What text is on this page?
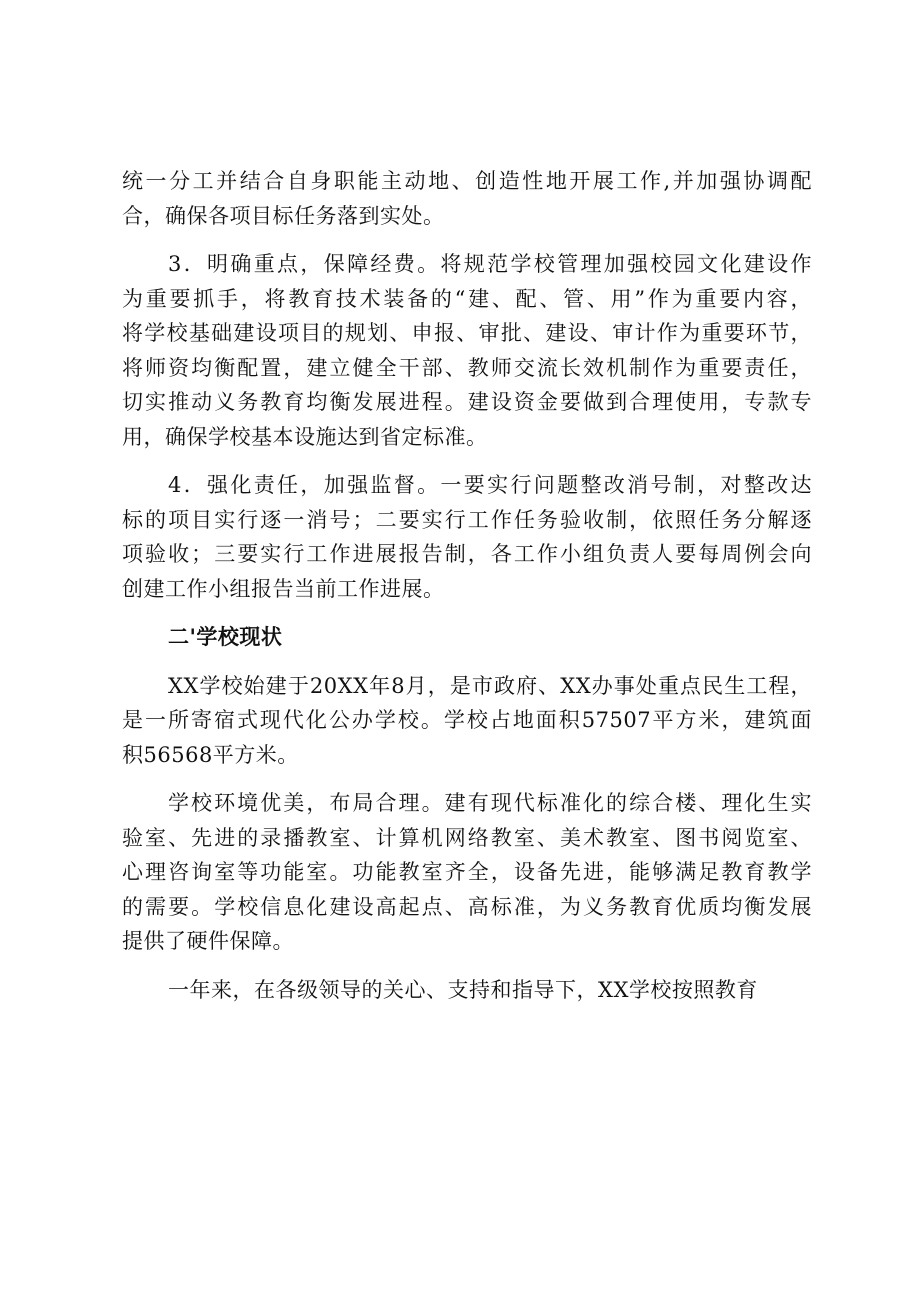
统一分工并结合自身职能主动地、创造性地开展工作,并加强协调配
合，确保各项目标任务落到实处。
3．明确重点，保障经费。将规范学校管理加强校园文化建设作
为重要抓手，将教育技术装备的“建、配、管、用”作为重要内容，
将学校基础建设项目的规划、申报、审批、建设、审计作为重要环节，
将师资均衡配置，建立健全干部、教师交流长效机制作为重要责任，
切实推动义务教育均衡发展进程。建设资金要做到合理使用，专款专
用，确保学校基本设施达到省定标准。
4．强化责任，加强监督。一要实行问题整改消号制，对整改达
标的项目实行逐一消号；二要实行工作任务验收制，依照任务分解逐
项验收；三要实行工作进展报告制，各工作小组负责人要每周例会向
创建工作小组报告当前工作进展。
二'学校现状
XX学校始建于20XX年8月，是市政府、XX办事处重点民生工程，
是一所寄宿式现代化公办学校。学校占地面积57507平方米，建筑面
积56568平方米。
学校环境优美，布局合理。建有现代标准化的综合楼、理化生实
验室、先进的录播教室、计算机网络教室、美术教室、图书阅览室、
心理咨询室等功能室。功能教室齐全，设备先进，能够满足教育教学
的需要。学校信息化建设高起点、高标准，为义务教育优质均衡发展
提供了硬件保障。
一年来，在各级领导的关心、支持和指导下，XX学校按照教育
